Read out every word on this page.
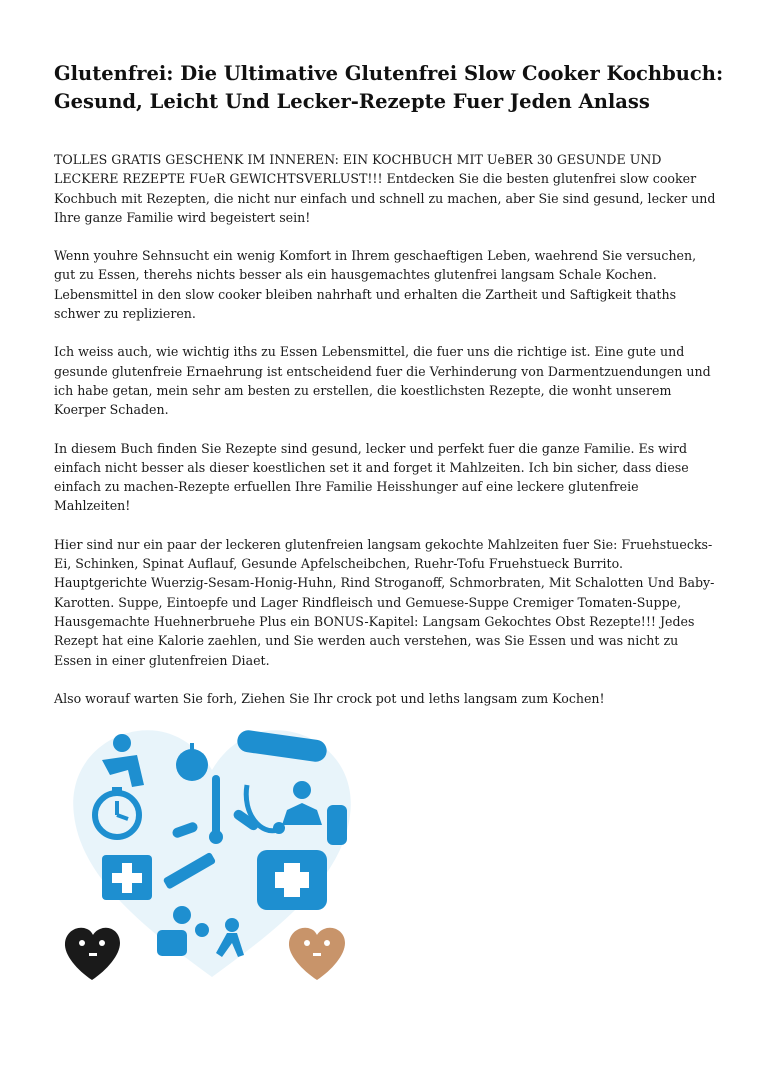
Glutenfrei: Die Ultimative Glutenfrei Slow Cooker Kochbuch: Gesund, Leicht Und Lecker-Rezepte Fuer Jeden Anlass

TOLLES GRATIS GESCHENK IM INNEREN: EIN KOCHBUCH MIT UeBER 30 GESUNDE UND LECKERE REZEPTE FUeR GEWICHTSVERLUST!!! Entdecken Sie die besten glutenfrei slow cooker Kochbuch mit Rezepten, die nicht nur einfach und schnell zu machen, aber Sie sind gesund, lecker und Ihre ganze Familie wird begeistert sein!

Wenn youhre Sehnsucht ein wenig Komfort in Ihrem geschaeftigen Leben, waehrend Sie versuchen, gut zu Essen, therehs nichts besser als ein hausgemachtes glutenfrei langsam Schale Kochen. Lebensmittel in den slow cooker bleiben nahrhaft und erhalten die Zartheit und Saftigkeit thaths schwer zu replizieren.

Ich weiss auch, wie wichtig iths zu Essen Lebensmittel, die fuer uns die richtige ist. Eine gute und gesunde glutenfreie Ernaehrung ist entscheidend fuer die Verhinderung von Darmentzuendungen und ich habe getan, mein sehr am besten zu erstellen, die koestlichsten Rezepte, die wonht unserem Koerper Schaden.

In diesem Buch finden Sie Rezepte sind gesund, lecker und perfekt fuer die ganze Familie. Es wird einfach nicht besser als dieser koestlichen set it and forget it Mahlzeiten. Ich bin sicher, dass diese einfach zu machen-Rezepte erfuellen Ihre Familie Heisshunger auf eine leckere glutenfreie Mahlzeiten!

Hier sind nur ein paar der leckeren glutenfreien langsam gekochte Mahlzeiten fuer Sie: Fruehstuecks-Ei, Schinken, Spinat Auflauf, Gesunde Apfelscheibchen, Ruehr-Tofu Fruehstueck Burrito. Hauptgerichte Wuerzig-Sesam-Honig-Huhn, Rind Stroganoff, Schmorbraten, Mit Schalotten Und Baby-Karotten. Suppe, Eintoepfe und Lager Rindfleisch und Gemuese-Suppe Cremiger Tomaten-Suppe, Hausgemachte Huehnerbruehe Plus ein BONUS-Kapitel: Langsam Gekochtes Obst Rezepte!!! Jedes Rezept hat eine Kalorie zaehlen, und Sie werden auch verstehen, was Sie Essen und was nicht zu Essen in einer glutenfreien Diaet.

Also worauf warten Sie forh, Ziehen Sie Ihr crock pot und leths langsam zum Kochen!
